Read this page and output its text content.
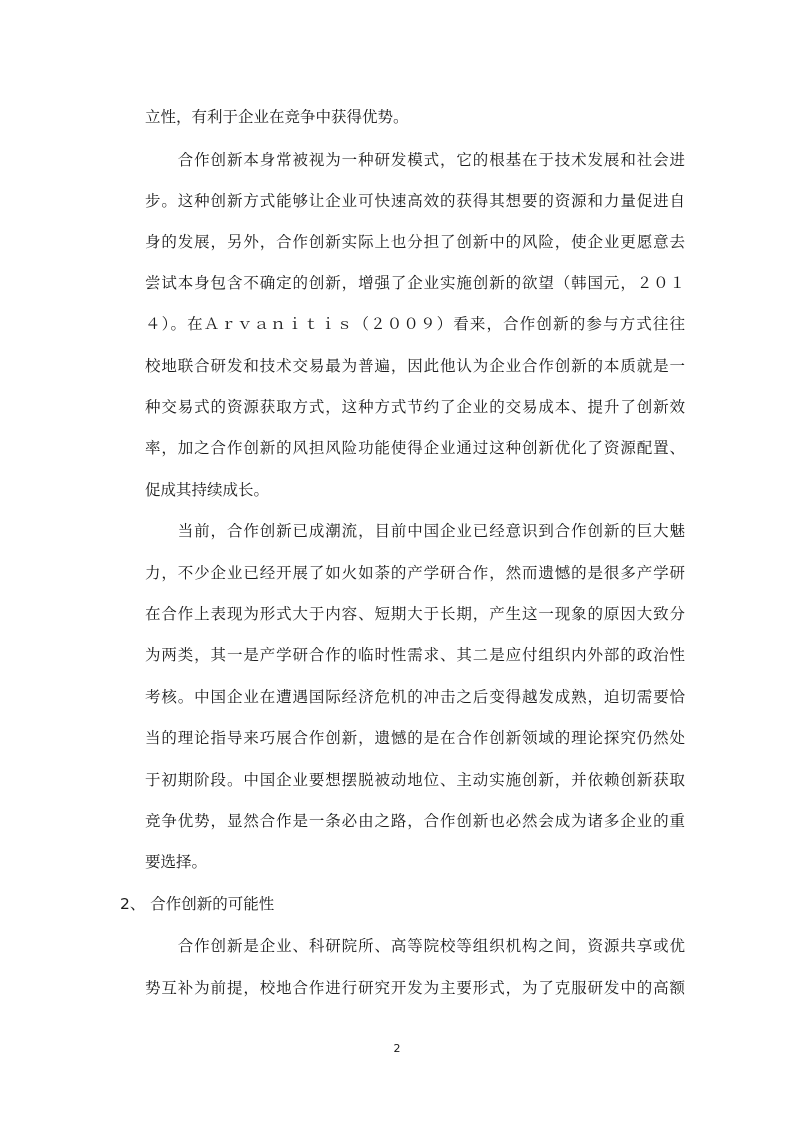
立性，有利于企业在竞争中获得优势。
　　合作创新本身常被视为一种研发模式，它的根基在于技术发展和社会进
步。这种创新方式能够让企业可快速高效的获得其想要的资源和力量促进自
身的发展，另外，合作创新实际上也分担了创新中的风险，使企业更愿意去
尝试本身包含不确定的创新，增强了企业实施创新的欲望（韩国元，２０１
４）。在Ａｒｖａｎｉｔｉｓ（２００９）看来，合作创新的参与方式往往
校地联合研发和技术交易最为普遍，因此他认为企业合作创新的本质就是一
种交易式的资源获取方式，这种方式节约了企业的交易成本、提升了创新效
率，加之合作创新的风担风险功能使得企业通过这种创新优化了资源配置、
促成其持续成长。
　　当前，合作创新已成潮流，目前中国企业已经意识到合作创新的巨大魅
力，不少企业已经开展了如火如荼的产学研合作，然而遗憾的是很多产学研
在合作上表现为形式大于内容、短期大于长期，产生这一现象的原因大致分
为两类，其一是产学研合作的临时性需求、其二是应付组织内外部的政治性
考核。中国企业在遭遇国际经济危机的冲击之后变得越发成熟，迫切需要恰
当的理论指导来巧展合作创新，遗憾的是在合作创新领域的理论探究仍然处
于初期阶段。中国企业要想摆脱被动地位、主动实施创新，并依赖创新获取
竞争优势，显然合作是一条必由之路，合作创新也必然会成为诸多企业的重
要选择。
2、 合作创新的可能性
　　合作创新是企业、科研院所、高等院校等组织机构之间，资源共享或优
势互补为前提，校地合作进行研究开发为主要形式，为了克服研发中的高额
2
